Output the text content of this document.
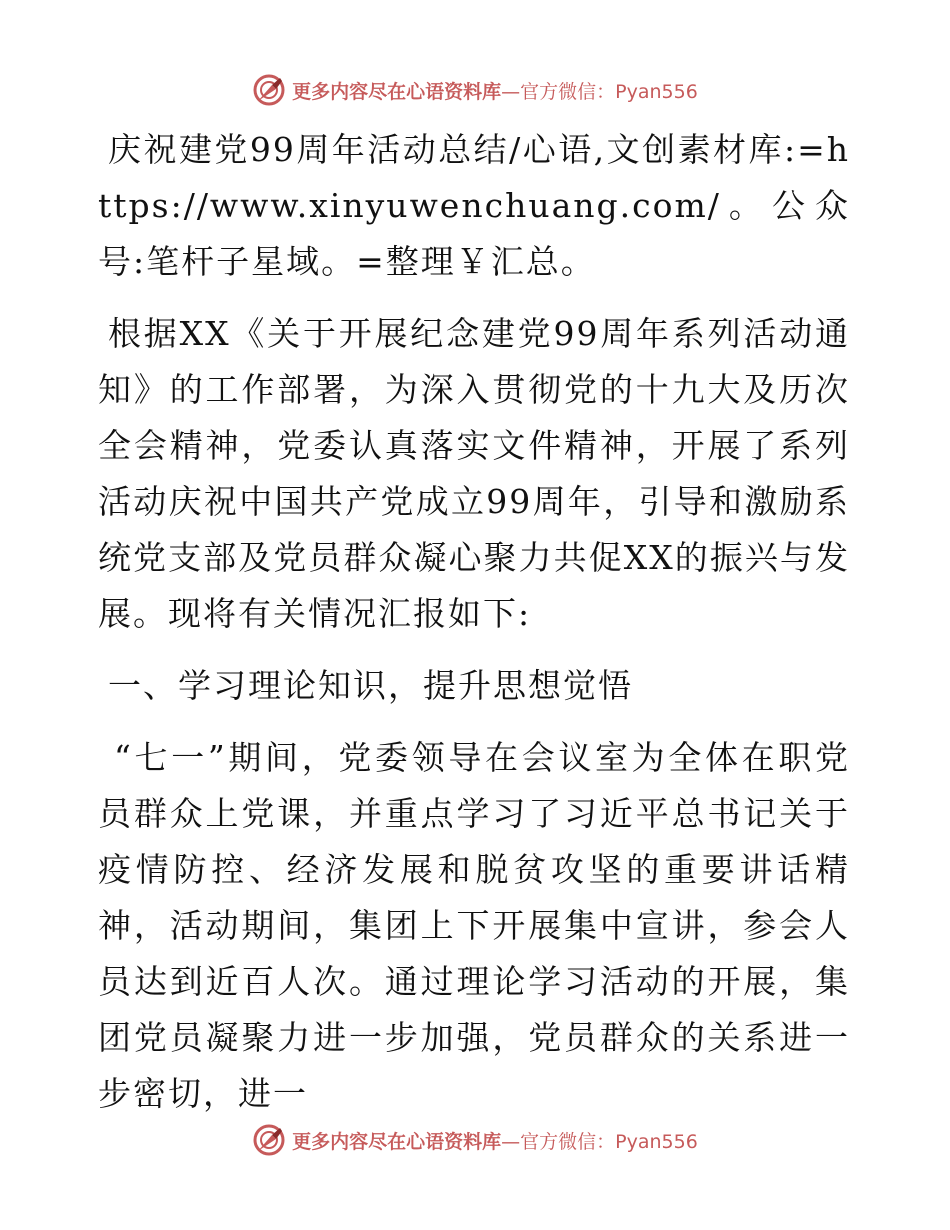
更多内容尽在心语资料库—官方微信：Pyan556

庆祝建党99周年活动总结/心语,文创素材库:=https://www.xinyuwenchuang.com/。公众号:笔杆子星域。=整理￥汇总。

根据XX《关于开展纪念建党99周年系列活动通知》的工作部署，为深入贯彻党的十九大及历次全会精神，党委认真落实文件精神，开展了系列活动庆祝中国共产党成立99周年，引导和激励系统党支部及党员群众凝心聚力共促XX的振兴与发展。现将有关情况汇报如下:

一、学习理论知识，提升思想觉悟

“七一”期间，党委领导在会议室为全体在职党员群众上党课，并重点学习了习近平总书记关于疫情防控、经济发展和脱贫攻坚的重要讲话精神，活动期间，集团上下开展集中宣讲，参会人员达到近百人次。通过理论学习活动的开展，集团党员凝聚力进一步加强，党员群众的关系进一步密切，进一

更多内容尽在心语资料库—官方微信：Pyan556
